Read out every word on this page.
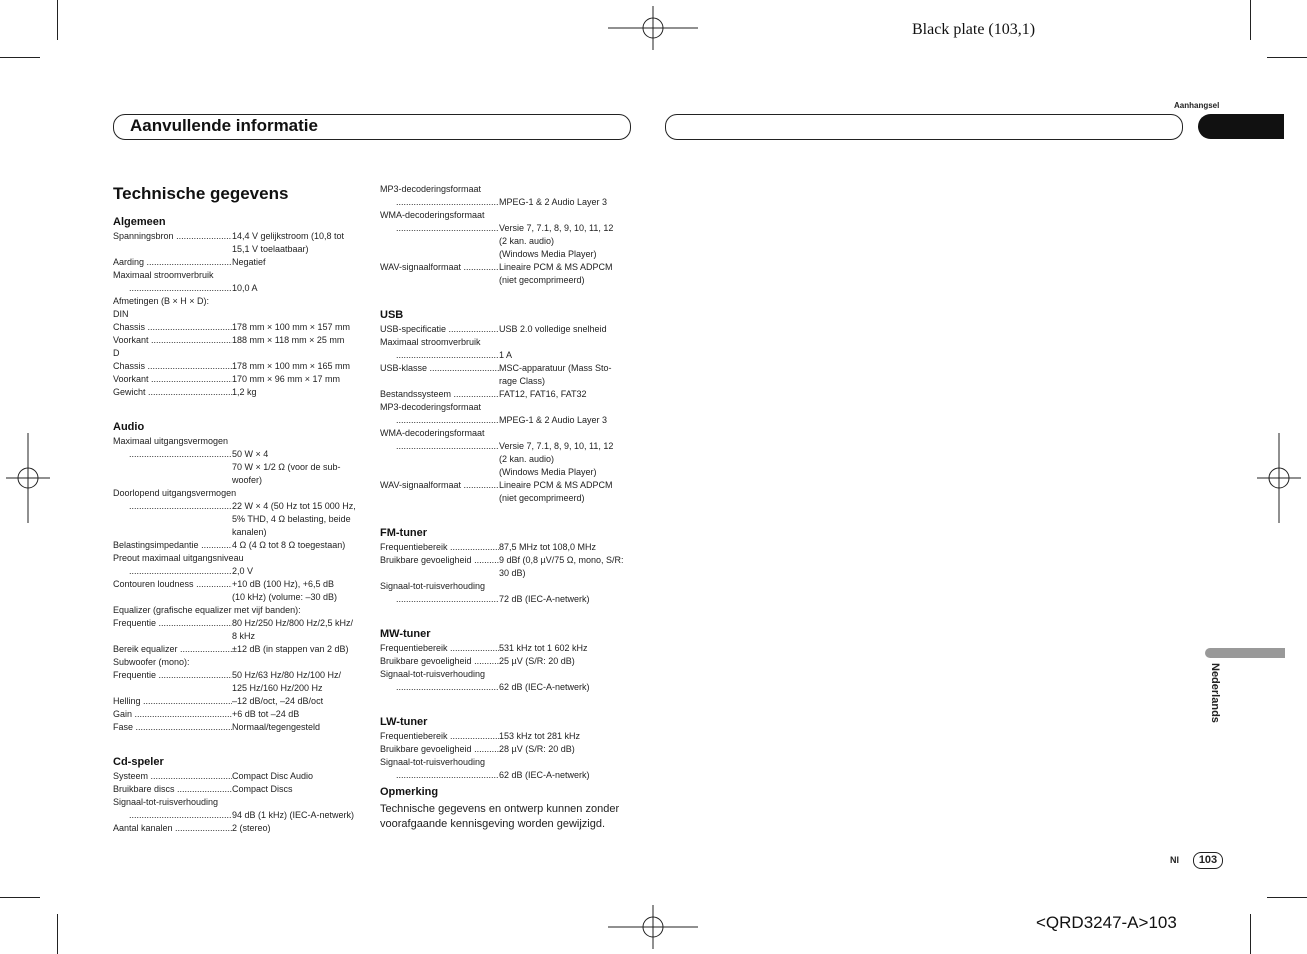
Black plate (103,1)
<QRD3247-A>103
Aanhangsel
Aanvullende informatie
Nederlands
Nl	103
Technische gegevens
Algemeen
Spanningsbron .....	14,4 V gelijkstroom (10,8 tot
15,1 V toelaatbaar)
Aarding .....	Negatief
Maximaal stroomverbruik
.....
10,0 A
Afmetingen (B × H × D):
DIN
Chassis .....	178 mm × 100 mm × 157 mm
Voorkant .....	188 mm × 118 mm × 25 mm
D
Chassis .....	178 mm × 100 mm × 165 mm
Voorkant .....	170 mm × 96 mm × 17 mm
Gewicht .....	1,2 kg
Audio
Maximaal uitgangsvermogen
.....
50 W × 4
70 W × 1/2 Ω (voor de sub-
woofer)
Doorlopend uitgangsvermogen
.....
22 W × 4 (50 Hz tot 15 000 Hz,
5% THD, 4 Ω belasting, beide
kanalen)
Belastingsimpedantie .....	4 Ω (4 Ω tot 8 Ω toegestaan)
Preout maximaal uitgangsniveau
.....
2,0 V
Contouren loudness .....	+10 dB (100 Hz), +6,5 dB
(10 kHz) (volume: –30 dB)
Equalizer (grafische equalizer met vijf banden):
Frequentie .....	80 Hz/250 Hz/800 Hz/2,5 kHz/
8 kHz
Bereik equalizer .....	±12 dB (in stappen van 2 dB)
Subwoofer (mono):
Frequentie .....	50 Hz/63 Hz/80 Hz/100 Hz/
125 Hz/160 Hz/200 Hz
Helling .....	–12 dB/oct, –24 dB/oct
Gain .....	+6 dB tot –24 dB
Fase .....	Normaal/tegengesteld
Cd-speler
Systeem .....	Compact Disc Audio
Bruikbare discs .....	Compact Discs
Signaal-tot-ruisverhouding
.....
94 dB (1 kHz) (IEC-A-netwerk)
Aantal kanalen .....	2 (stereo)
MP3-decoderingsformaat
.....
MPEG-1 & 2 Audio Layer 3
WMA-decoderingsformaat
.....
Versie 7, 7.1, 8, 9, 10, 11, 12
(2 kan. audio)
(Windows Media Player)
WAV-signaalformaat .....	Lineaire PCM & MS ADPCM
(niet gecomprimeerd)
USB
USB-specificatie .....	USB 2.0 volledige snelheid
Maximaal stroomverbruik
.....
1 A
USB-klasse .....	MSC-apparatuur (Mass Sto-
rage Class)
Bestandssysteem .....	FAT12, FAT16, FAT32
MP3-decoderingsformaat
.....
MPEG-1 & 2 Audio Layer 3
WMA-decoderingsformaat
.....
Versie 7, 7.1, 8, 9, 10, 11, 12
(2 kan. audio)
(Windows Media Player)
WAV-signaalformaat .....	Lineaire PCM & MS ADPCM
(niet gecomprimeerd)
FM-tuner
Frequentiebereik .....	87,5 MHz tot 108,0 MHz
Bruikbare gevoeligheid .....	9 dBf (0,8 µV/75 Ω, mono, S/R:
30 dB)
Signaal-tot-ruisverhouding
.....
72 dB (IEC-A-netwerk)
MW-tuner
Frequentiebereik .....	531 kHz tot 1 602 kHz
Bruikbare gevoeligheid .....	25 µV (S/R: 20 dB)
Signaal-tot-ruisverhouding
.....
62 dB (IEC-A-netwerk)
LW-tuner
Frequentiebereik .....	153 kHz tot 281 kHz
Bruikbare gevoeligheid .....	28 µV (S/R: 20 dB)
Signaal-tot-ruisverhouding
.....
62 dB (IEC-A-netwerk)
Opmerking
Technische gegevens en ontwerp kunnen zonder voorafgaande kennisgeving worden gewijzigd.
